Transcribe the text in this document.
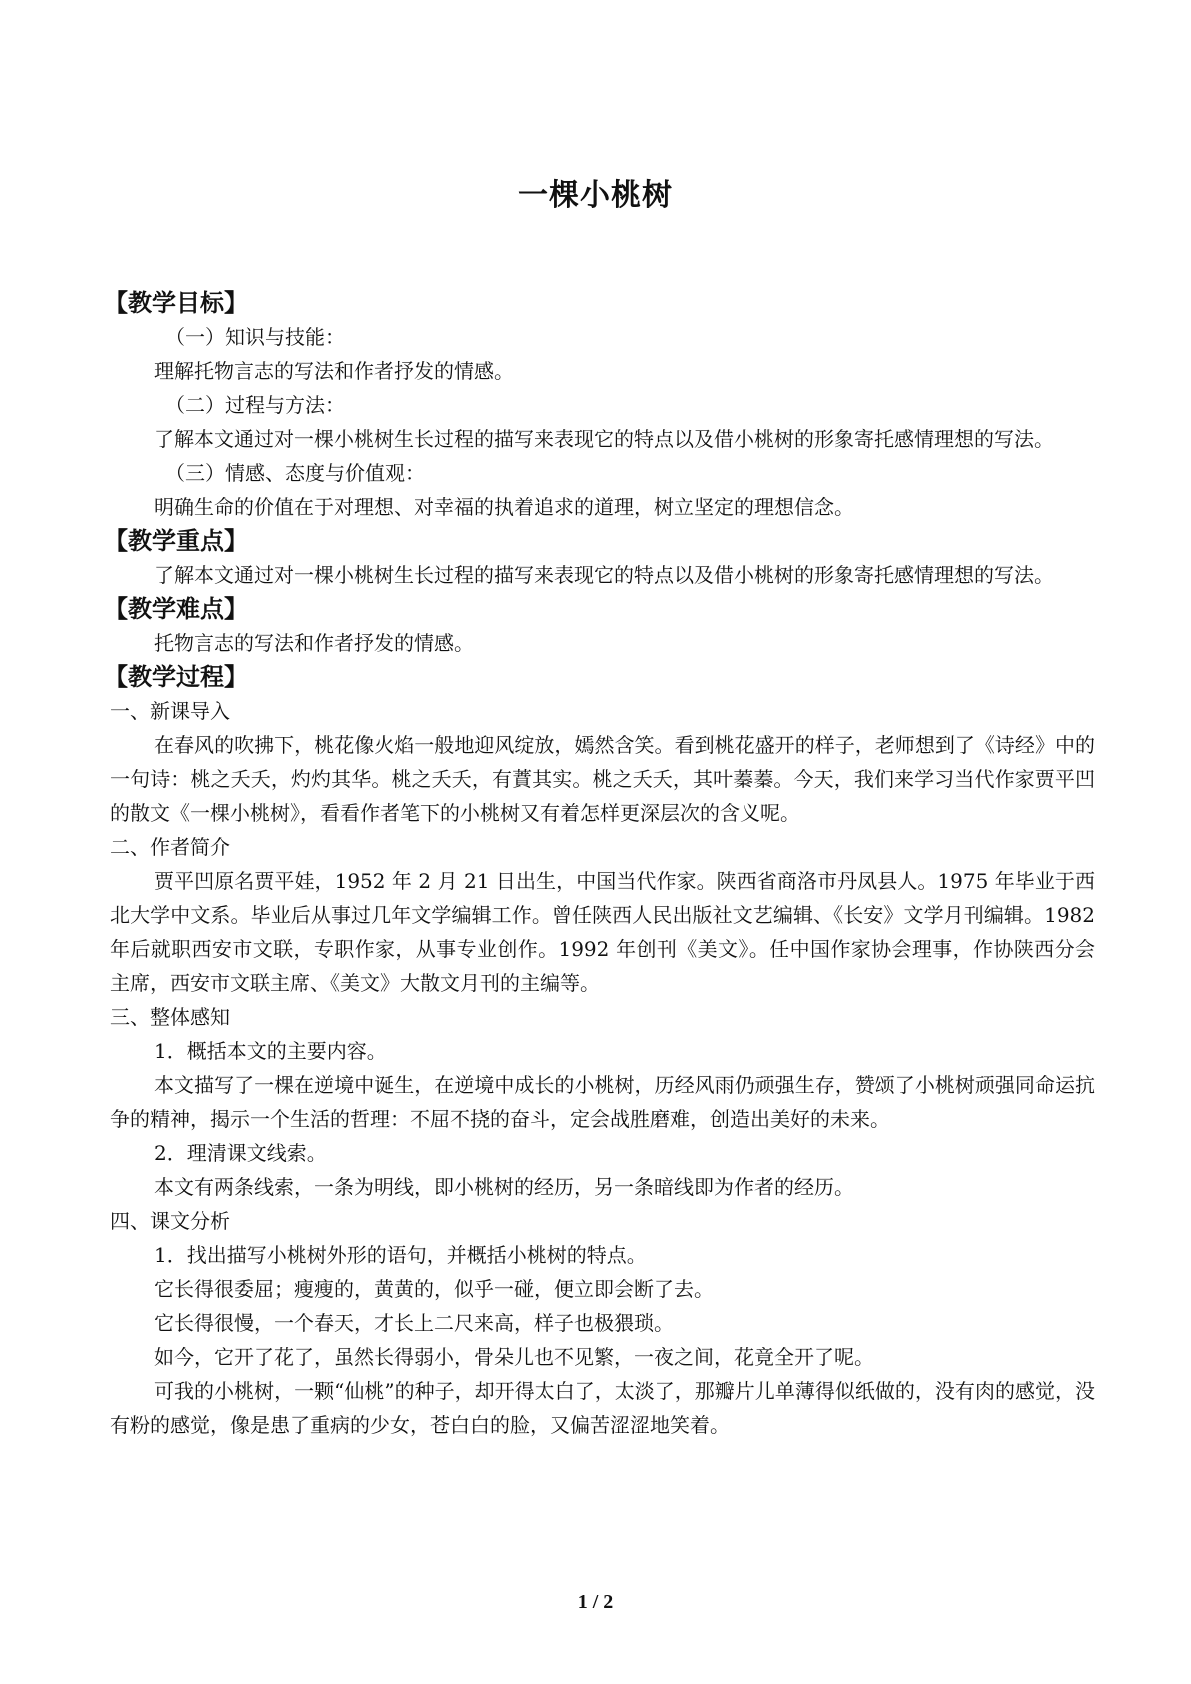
一棵小桃树
【教学目标】

（一）知识与技能：

理解托物言志的写法和作者抒发的情感。

（二）过程与方法：

了解本文通过对一棵小桃树生长过程的描写来表现它的特点以及借小桃树的形象寄托感情理想的写法。

（三）情感、态度与价值观：

明确生命的价值在于对理想、对幸福的执着追求的道理，树立坚定的理想信念。

【教学重点】

了解本文通过对一棵小桃树生长过程的描写来表现它的特点以及借小桃树的形象寄托感情理想的写法。

【教学难点】

托物言志的写法和作者抒发的情感。

【教学过程】

一、新课导入

在春风的吹拂下，桃花像火焰一般地迎风绽放，嫣然含笑。看到桃花盛开的样子，老师想到了《诗经》中的一句诗：桃之夭夭，灼灼其华。桃之夭夭，有蕡其实。桃之夭夭，其叶蓁蓁。今天，我们来学习当代作家贾平凹的散文《一棵小桃树》，看看作者笔下的小桃树又有着怎样更深层次的含义呢。

二、作者简介

贾平凹原名贾平娃，1952 年 2 月 21 日出生，中国当代作家。陕西省商洛市丹凤县人。1975 年毕业于西北大学中文系。毕业后从事过几年文学编辑工作。曾任陕西人民出版社文艺编辑、《长安》文学月刊编辑。1982 年后就职西安市文联，专职作家，从事专业创作。1992 年创刊《美文》。任中国作家协会理事，作协陕西分会主席，西安市文联主席、《美文》大散文月刊的主编等。

三、整体感知

1．概括本文的主要内容。

本文描写了一棵在逆境中诞生，在逆境中成长的小桃树，历经风雨仍顽强生存，赞颂了小桃树顽强同命运抗争的精神，揭示一个生活的哲理：不屈不挠的奋斗，定会战胜磨难，创造出美好的未来。

2．理清课文线索。

本文有两条线索，一条为明线，即小桃树的经历，另一条暗线即为作者的经历。

四、课文分析

1．找出描写小桃树外形的语句，并概括小桃树的特点。

它长得很委屈；瘦瘦的，黄黄的，似乎一碰，便立即会断了去。

它长得很慢，一个春天，才长上二尺来高，样子也极猥琐。

如今，它开了花了，虽然长得弱小，骨朵儿也不见繁，一夜之间，花竟全开了呢。

可我的小桃树，一颗“仙桃”的种子，却开得太白了，太淡了，那瓣片儿单薄得似纸做的，没有肉的感觉，没有粉的感觉，像是患了重病的少女，苍白白的脸，又偏苦涩涩地笑着。

1 / 2
